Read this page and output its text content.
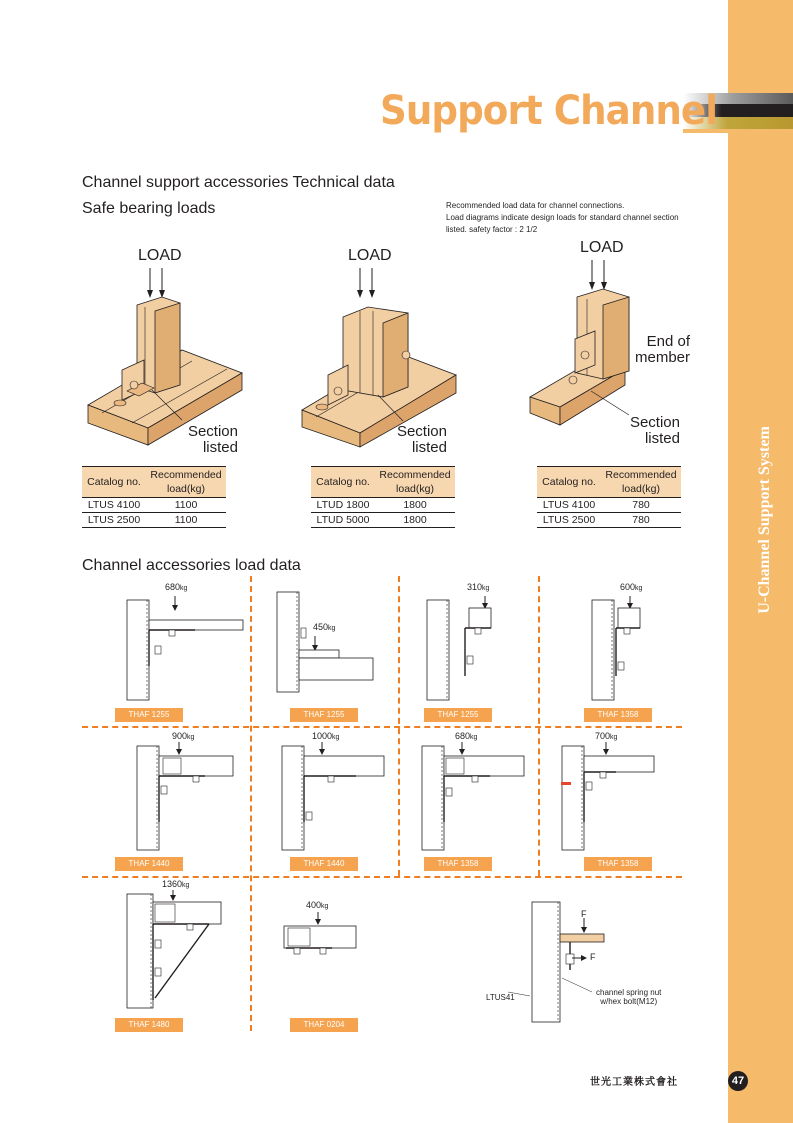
U-Channel Support System
Support Channel
Channel support accessories Technical data
Safe bearing loads	Recommended load data for channel connections.
Load diagrams indicate design loads for standard channel section
listed. safety factor : 2 1/2
LOAD
Section
listed
LOAD
Section
listed
LOAD
End of
member
Section
listed
Catalog no.	Recommended
load(kg)

LTUS 4100	1100
LTUS 2500	1100
Catalog no.	Recommended
load(kg)

LTUD 1800	1800
LTUD 5000	1800
Catalog no.	Recommended
load(kg)

LTUS 4100	780
LTUS 2500	780
Channel accessories load data
680kg
THAF 1255
450kg
THAF 1255
310kg
THAF 1255
600kg
THAF 1358
900kg
THAF 1440
1000kg
THAF 1440
680kg
THAF 1358
700kg
THAF 1358
1360kg
THAF 1480
400kg
THAF 0204
F
F
LTUS41
channel spring nut
w/hex bolt(M12)
世光工業株式會社	47
